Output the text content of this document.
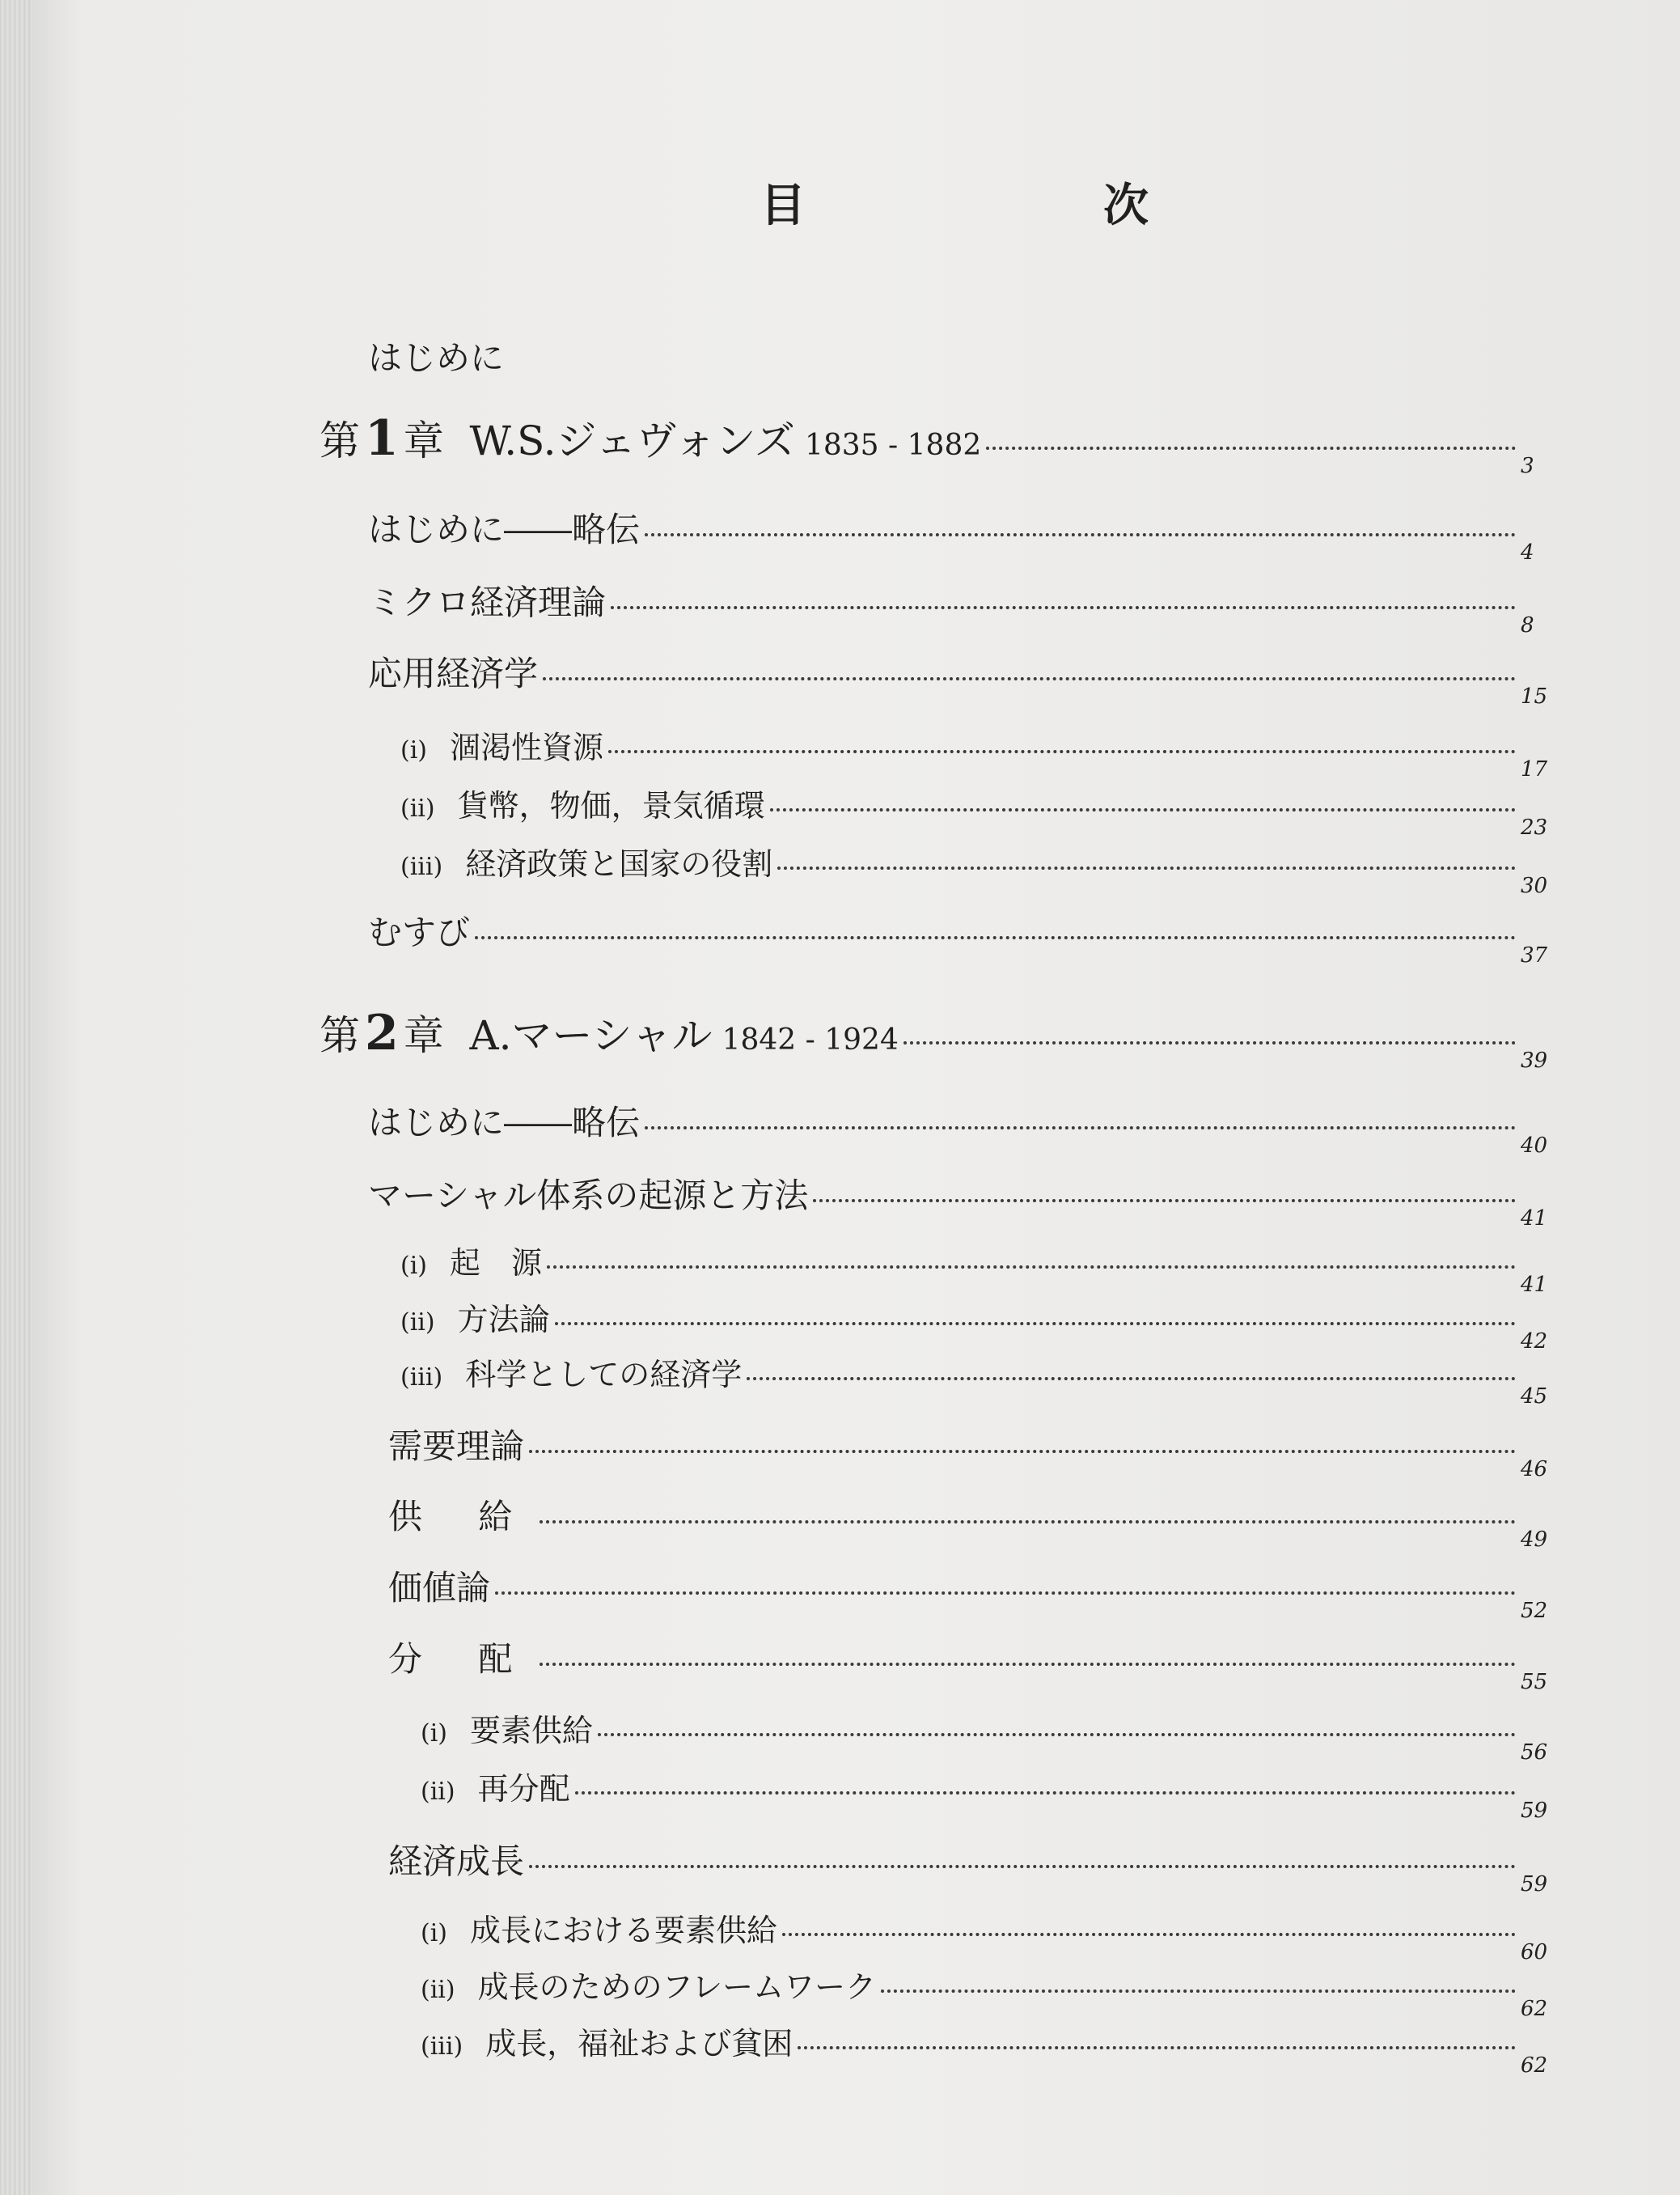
目	次
はじめに
第 1 章 W.S.ジェヴォンズ 1835 - 1882
3
はじめに――略伝
4
ミクロ経済理論
8
応用経済学
15
(i) 涸渇性資源
17
(ii) 貨幣，物価，景気循環
23
(iii) 経済政策と国家の役割
30
むすび
37
第 2 章 A.マーシャル 1842 - 1924
39
はじめに――略伝
40
マーシャル体系の起源と方法
41
(i) 起　源
41
(ii) 方法論
42
(iii) 科学としての経済学
45
需要理論
46
供 給
49
価値論
52
分 配
55
(i) 要素供給
56
(ii) 再分配
59
経済成長
59
(i) 成長における要素供給
60
(ii) 成長のためのフレームワーク
62
(iii) 成長，福祉および貧困
62
